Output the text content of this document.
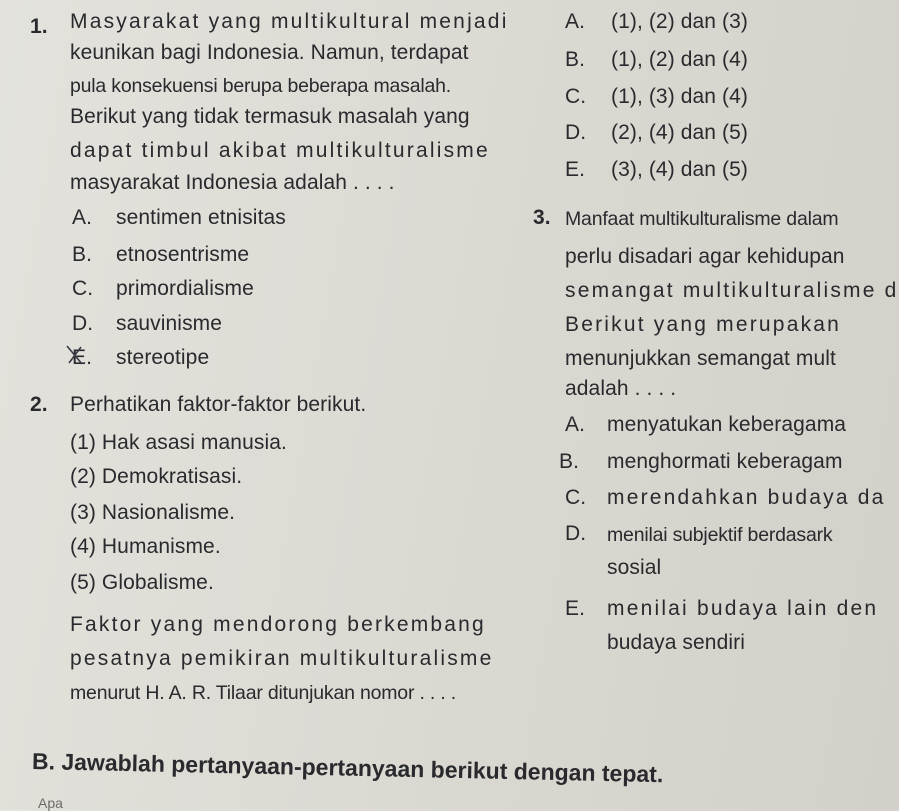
1. Masyarakat yang multikultural menjadi
keunikan bagi Indonesia. Namun, terdapat
pula konsekuensi berupa beberapa masalah.
Berikut yang tidak termasuk masalah yang
dapat timbul akibat multikulturalisme
masyarakat Indonesia adalah . . . .
A. sentimen etnisitas
B. etnosentrisme
C. primordialisme
D. sauvinisme
E. stereotipe
2. Perhatikan faktor-faktor berikut.
(1) Hak asasi manusia.
(2) Demokratisasi.
(3) Nasionalisme.
(4) Humanisme.
(5) Globalisme.
Faktor yang mendorong berkembang
pesatnya pemikiran multikulturalisme
menurut H. A. R. Tilaar ditunjukan nomor . . . .
A. (1), (2) dan (3)
B. (1), (2) dan (4)
C. (1), (3) dan (4)
D. (2), (4) dan (5)
E. (3), (4) dan (5)
3. Manfaat multikulturalisme dalam
perlu disadari agar kehidupan
semangat multikulturalisme d
Berikut yang merupakan
menunjukkan semangat mult
adalah . . . .
A. menyatukan keberagama
B. menghormati keberagam
C. merendahkan budaya da
D. menilai subjektif berdasark
sosial
E. menilai budaya lain den
budaya sendiri
B. Jawablah pertanyaan-pertanyaan berikut dengan tepat.
Apa
